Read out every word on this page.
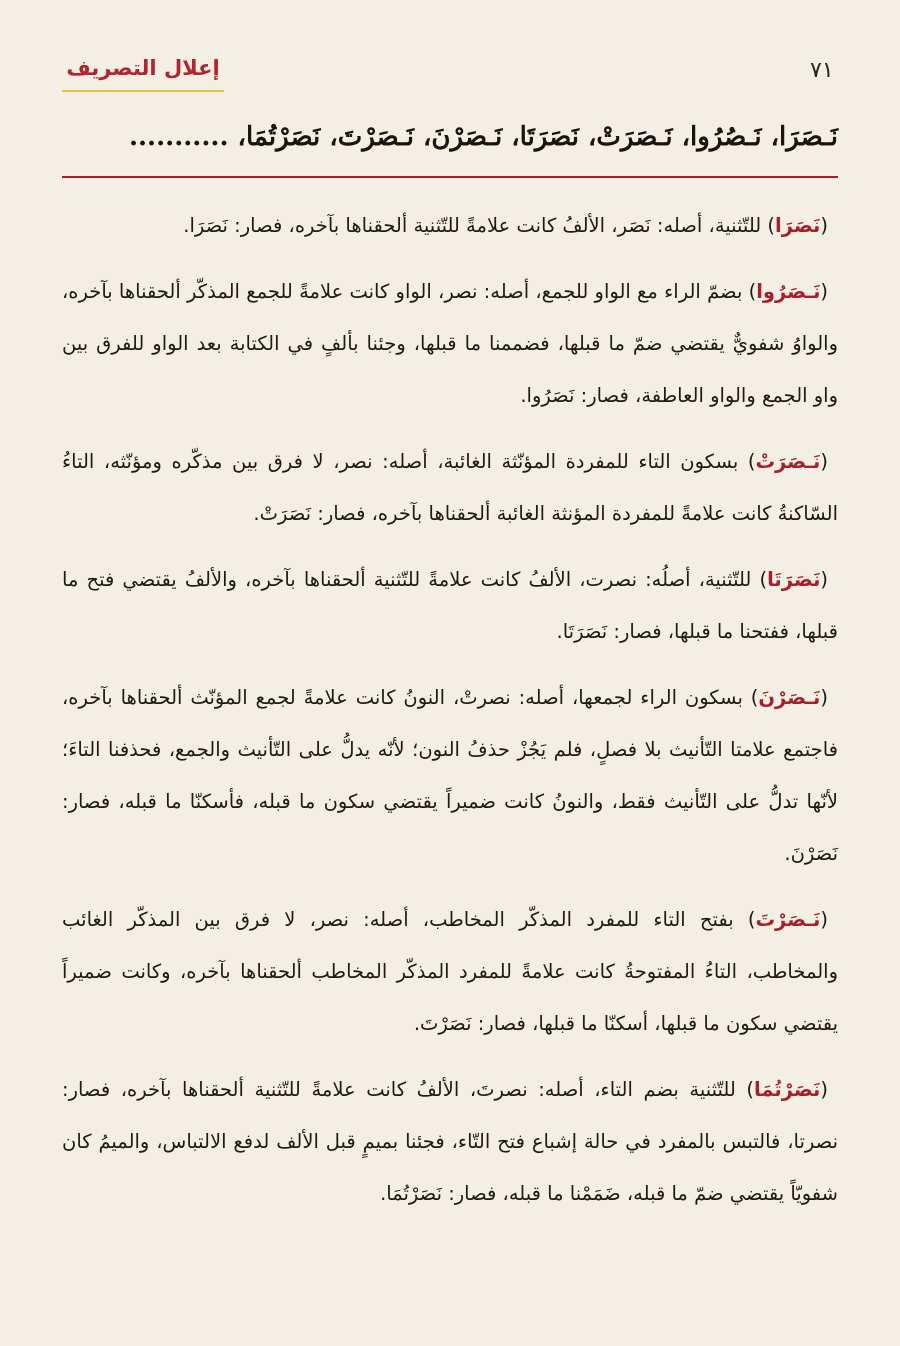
إعلال التصريف	٧١
نَـصَرَا، نَـصُرُوا، نَـصَرَتْ، نَصَرَتَا، نَـصَرْنَ، نَـصَرْتَ، نَصَرْتُمَا، ...........

(نَصَرَا) للتّثنية، أصله: نَصَر، الألفُ كانت علامةً للتّثنية ألحقناها بآخره، فصار: نَصَرَا.

(نَـصَرُوا) بضمّ الراء مع الواو للجمع، أصله: نصر، الواو كانت علامةً للجمع المذكّر ألحقناها بآخره، والواوُ شفويٌّ يقتضي ضمّ ما قبلها، فضممنا ما قبلها، وجئنا بألفٍ في الكتابة بعد الواو للفرق بين واو الجمع والواو العاطفة، فصار: نَصَرُوا.

(نَـصَرَتْ) بسكون التاء للمفردة المؤنّثة الغائبة، أصله: نصر، لا فرق بين مذكّره ومؤنّثه، التاءُ السّاكنةُ كانت علامةً للمفردة المؤنثة الغائبة ألحقناها بآخره، فصار: نَصَرَتْ.

(نَصَرَتَا) للتّثنية، أصلُه: نصرت، الألفُ كانت علامةً للتّثنية ألحقناها بآخره، والألفُ يقتضي فتح ما قبلها، ففتحنا ما قبلها، فصار: نَصَرَتَا.

(نَـصَرْنَ) بسكون الراء لجمعها، أصله: نصرتْ، النونُ كانت علامةً لجمع المؤنّث ألحقناها بآخره، فاجتمع علامتا التّأنيث بلا فصلٍ، فلم يَجُزْ حذفُ النون؛ لأنّه يدلُّ على التّأنيث والجمع، فحذفنا التاءَ؛ لأنّها تدلُّ على التّأنيث فقط، والنونُ كانت ضميراً يقتضي سكون ما قبله، فأسكنّا ما قبله، فصار: نَصَرْنَ.

(نَـصَرْتَ) بفتح التاء للمفرد المذكّر المخاطب، أصله: نصر، لا فرق بين المذكّر الغائب والمخاطب، التاءُ المفتوحةُ كانت علامةً للمفرد المذكّر المخاطب ألحقناها بآخره، وكانت ضميراً يقتضي سكون ما قبلها، أسكنّا ما قبلها، فصار: نَصَرْتَ.

(نَصَرْتُمَا) للتّثنية بضم التاء، أصله: نصرتَ، الألفُ كانت علامةً للتّثنية ألحقناها بآخره، فصار: نصرتا، فالتبس بالمفرد في حالة إشباع فتح التّاء، فجئنا بميمٍ قبل الألف لدفع الالتباس، والميمُ كان شفويّاً يقتضي ضمّ ما قبله، ضَمَمْنا ما قبله، فصار: نَصَرْتُمَا.
